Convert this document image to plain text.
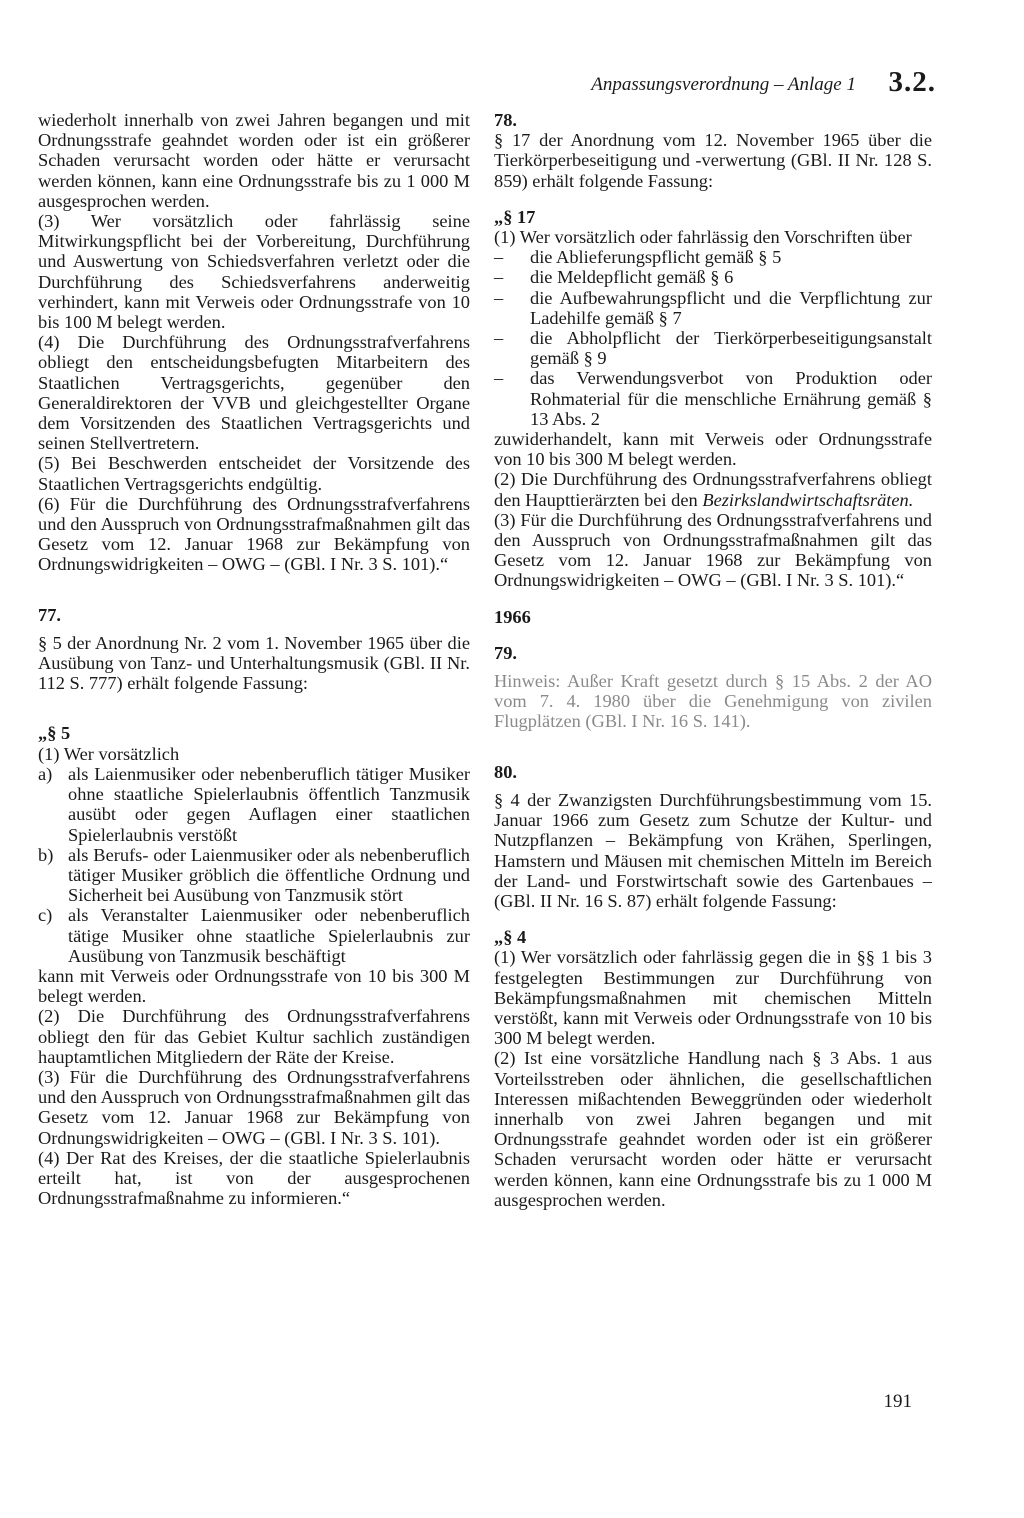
Anpassungsverordnung – Anlage 1 3.2.

wiederholt innerhalb von zwei Jahren begangen und mit Ordnungsstrafe geahndet worden oder ist ein größerer Schaden verursacht worden oder hätte er verursacht werden können, kann eine Ordnungsstrafe bis zu 1 000 M ausgesprochen werden.

(3) Wer vorsätzlich oder fahrlässig seine Mitwirkungspflicht bei der Vorbereitung, Durchführung und Auswertung von Schiedsverfahren verletzt oder die Durchführung des Schiedsverfahrens anderweitig verhindert, kann mit Verweis oder Ordnungsstrafe von 10 bis 100 M belegt werden.

(4) Die Durchführung des Ordnungsstrafverfahrens obliegt den entscheidungsbefugten Mitarbeitern des Staatlichen Vertragsgerichts, gegenüber den Generaldirektoren der VVB und gleichgestellter Organe dem Vorsitzenden des Staatlichen Vertragsgerichts und seinen Stellvertretern.

(5) Bei Beschwerden entscheidet der Vorsitzende des Staatlichen Vertragsgerichts endgültig.

(6) Für die Durchführung des Ordnungsstrafverfahrens und den Ausspruch von Ordnungsstrafmaßnahmen gilt das Gesetz vom 12. Januar 1968 zur Bekämpfung von Ordnungswidrigkeiten – OWG – (GBl. I Nr. 3 S. 101).“

77.

§ 5 der Anordnung Nr. 2 vom 1. November 1965 über die Ausübung von Tanz- und Unterhaltungsmusik (GBl. II Nr. 112 S. 777) erhält folgende Fassung:

„§ 5

(1) Wer vorsätzlich

a) als Laienmusiker oder nebenberuflich tätiger Musiker ohne staatliche Spielerlaubnis öffentlich Tanzmusik ausübt oder gegen Auflagen einer staatlichen Spielerlaubnis verstößt
b) als Berufs- oder Laienmusiker oder als nebenberuflich tätiger Musiker gröblich die öffentliche Ordnung und Sicherheit bei Ausübung von Tanzmusik stört
c) als Veranstalter Laienmusiker oder nebenberuflich tätige Musiker ohne staatliche Spielerlaubnis zur Ausübung von Tanzmusik beschäftigt

kann mit Verweis oder Ordnungsstrafe von 10 bis 300 M belegt werden.

(2) Die Durchführung des Ordnungsstrafverfahrens obliegt den für das Gebiet Kultur sachlich zuständigen hauptamtlichen Mitgliedern der Räte der Kreise.

(3) Für die Durchführung des Ordnungsstrafverfahrens und den Ausspruch von Ordnungsstrafmaßnahmen gilt das Gesetz vom 12. Januar 1968 zur Bekämpfung von Ordnungswidrigkeiten – OWG – (GBl. I Nr. 3 S. 101).

(4) Der Rat des Kreises, der die staatliche Spielerlaubnis erteilt hat, ist von der ausgesprochenen Ordnungsstrafmaßnahme zu informieren.“

78.

§ 17 der Anordnung vom 12. November 1965 über die Tierkörperbeseitigung und -verwertung (GBl. II Nr. 128 S. 859) erhält folgende Fassung:

„§ 17

(1) Wer vorsätzlich oder fahrlässig den Vorschriften über

–	die Ablieferungspflicht gemäß § 5
–	die Meldepflicht gemäß § 6
–	die Aufbewahrungspflicht und die Verpflichtung zur Ladehilfe gemäß § 7
–	die Abholpflicht der Tierkörperbeseitigungsanstalt gemäß § 9
–	das Verwendungsverbot von Produktion oder Rohmaterial für die menschliche Ernährung gemäß § 13 Abs. 2

zuwiderhandelt, kann mit Verweis oder Ordnungsstrafe von 10 bis 300 M belegt werden.

(2) Die Durchführung des Ordnungsstrafverfahrens obliegt den Haupttierärzten bei den Bezirkslandwirtschaftsräten.

(3) Für die Durchführung des Ordnungsstrafverfahrens und den Ausspruch von Ordnungsstrafmaßnahmen gilt das Gesetz vom 12. Januar 1968 zur Bekämpfung von Ordnungswidrigkeiten – OWG – (GBl. I Nr. 3 S. 101).“

1966

79.

Hinweis: Außer Kraft gesetzt durch § 15 Abs. 2 der AO vom 7. 4. 1980 über die Genehmigung von zivilen Flugplätzen (GBl. I Nr. 16 S. 141).

80.

§ 4 der Zwanzigsten Durchführungsbestimmung vom 15. Januar 1966 zum Gesetz zum Schutze der Kultur- und Nutzpflanzen – Bekämpfung von Krähen, Sperlingen, Hamstern und Mäusen mit chemischen Mitteln im Bereich der Land- und Forstwirtschaft sowie des Gartenbaues – (GBl. II Nr. 16 S. 87) erhält folgende Fassung:

„§ 4

(1) Wer vorsätzlich oder fahrlässig gegen die in §§ 1 bis 3 festgelegten Bestimmungen zur Durchführung von Bekämpfungsmaßnahmen mit chemischen Mitteln verstößt, kann mit Verweis oder Ordnungsstrafe von 10 bis 300 M belegt werden.

(2) Ist eine vorsätzliche Handlung nach § 3 Abs. 1 aus Vorteilsstreben oder ähnlichen, die gesellschaftlichen Interessen mißachtenden Beweggründen oder wiederholt innerhalb von zwei Jahren begangen und mit Ordnungsstrafe geahndet worden oder ist ein größerer Schaden verursacht worden oder hätte er verursacht werden können, kann eine Ordnungsstrafe bis zu 1 000 M ausgesprochen werden.

191
